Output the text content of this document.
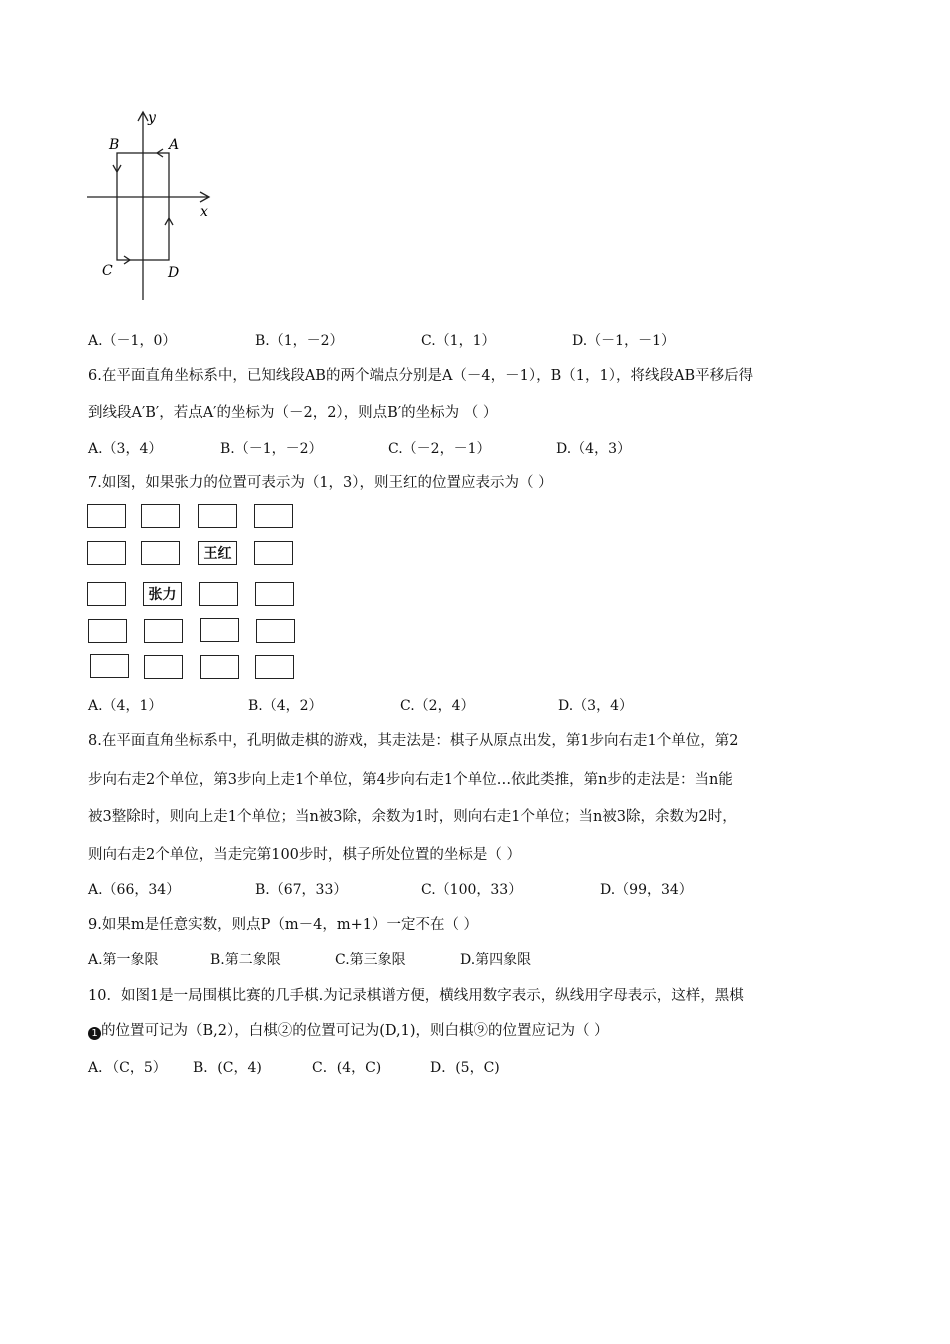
y
x
A
B
C	D
A.（－1，0）	B.（1，－2）	C.（1，1）	D.（－1，－1）
6.在平面直角坐标系中，已知线段AB的两个端点分别是A（－4，－1），B（1，1），将线段AB平移后得
到线段A′B′，若点A′的坐标为（－2，2），则点B′的坐标为 （ ）
A.（3，4）	B.（－1，－2）	C.（－2，－1）	D.（4，3）
7.如图，如果张力的位置可表示为（1，3），则王红的位置应表示为（ ）
王红
张力
A.（4，1）	B.（4，2）	C.（2，4）	D.（3，4）
8.在平面直角坐标系中，孔明做走棋的游戏，其走法是：棋子从原点出发，第1步向右走1个单位，第2
步向右走2个单位，第3步向上走1个单位，第4步向右走1个单位…依此类推，第n步的走法是：当n能
被3整除时，则向上走1个单位；当n被3除，余数为1时，则向右走1个单位；当n被3除，余数为2时，
则向右走2个单位，当走完第100步时，棋子所处位置的坐标是（ ）
A.（66，34）	B.（67，33）	C.（100，33）	D.（99，34）
9.如果m是任意实数，则点P（m－4，m+1）一定不在（ ）
A.第一象限	B.第二象限	C.第三象限	D.第四象限
10．如图1是一局围棋比赛的几手棋.为记录棋谱方便，横线用数字表示，纵线用字母表示，这样，黑棋
1 的位置可记为（B,2），白棋②的位置可记为(D,1)，则白棋⑨的位置应记为（ ）
A．（C，5） B．(C，4)	C．(4，C)	D．(5，C)
